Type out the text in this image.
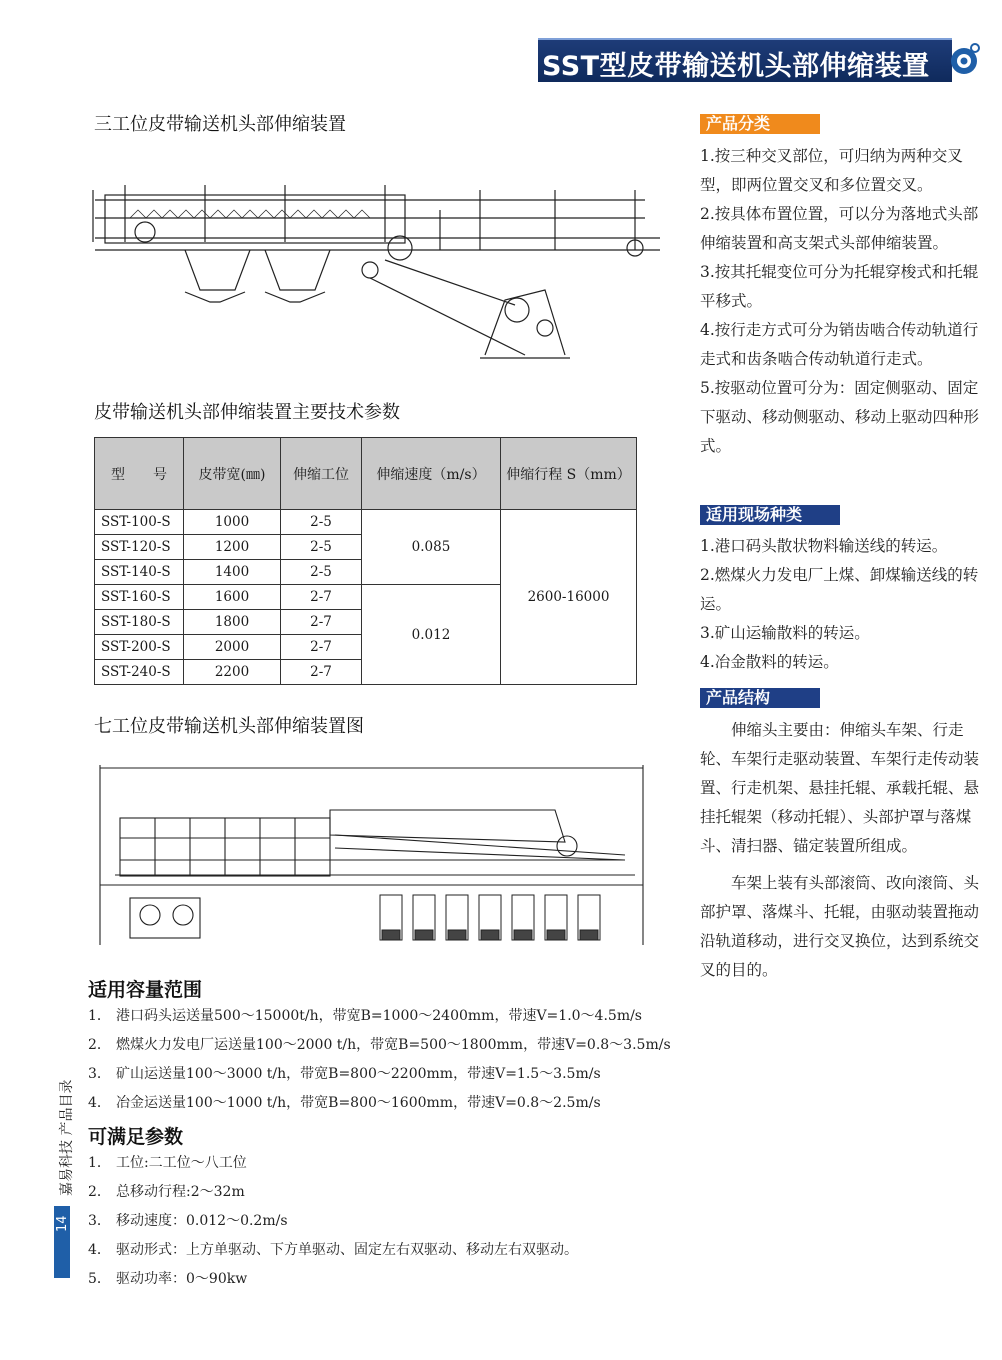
SST型皮带输送机头部伸缩装置
三工位皮带输送机头部伸缩装置
皮带输送机头部伸缩装置主要技术参数
型　　号	皮带宽(㎜)	伸缩工位	伸缩速度（m/s）	伸缩行程 S（mm）
SST-100-S	1000	2-5	0.085	2600-16000
SST-120-S	1200	2-5		
SST-140-S	1400	2-5		
SST-160-S	1600	2-7	0.012	
SST-180-S	1800	2-7		
SST-200-S	2000	2-7		
SST-240-S	2200	2-7		
七工位皮带输送机头部伸缩装置图
适用容量范围
1． 港口码头运送量500～15000t/h，带宽B=1000～2400mm，带速V=1.0～4.5m/s
2． 燃煤火力发电厂运送量100～2000 t/h，带宽B=500～1800mm，带速V=0.8～3.5m/s
3． 矿山运送量100～3000 t/h，带宽B=800～2200mm，带速V=1.5～3.5m/s
4． 冶金运送量100～1000 t/h，带宽B=800～1600mm，带速V=0.8～2.5m/s
可满足参数
1． 工位:二工位～八工位
2． 总移动行程:2～32m
3． 移动速度：0.012～0.2m/s
4． 驱动形式：上方单驱动、下方单驱动、固定左右双驱动、移动左右双驱动。
5． 驱动功率：0～90kw
产品分类

1.按三种交叉部位，可归纳为两种交叉型，即两位置交叉和多位置交叉。

2.按具体布置位置，可以分为落地式头部伸缩装置和高支架式头部伸缩装置。

3.按其托辊变位可分为托辊穿梭式和托辊平移式。

4.按行走方式可分为销齿啮合传动轨道行走式和齿条啮合传动轨道行走式。

5.按驱动位置可分为：固定侧驱动、固定下驱动、移动侧驱动、移动上驱动四种形式。

适用现场种类

1.港口码头散状物料输送线的转运。

2.燃煤火力发电厂上煤、卸煤输送线的转运。

3.矿山运输散料的转运。

4.冶金散料的转运。

产品结构

伸缩头主要由：伸缩头车架、行走轮、车架行走驱动装置、车架行走传动装置、行走机架、悬挂托辊、承载托辊、悬挂托辊架（移动托辊）、头部护罩与落煤斗、清扫器、锚定装置所组成。

车架上装有头部滚筒、改向滚筒、头部护罩、落煤斗、托辊，由驱动装置拖动沿轨道移动，进行交叉换位，达到系统交叉的目的。

嘉易科技 产品目录
14
